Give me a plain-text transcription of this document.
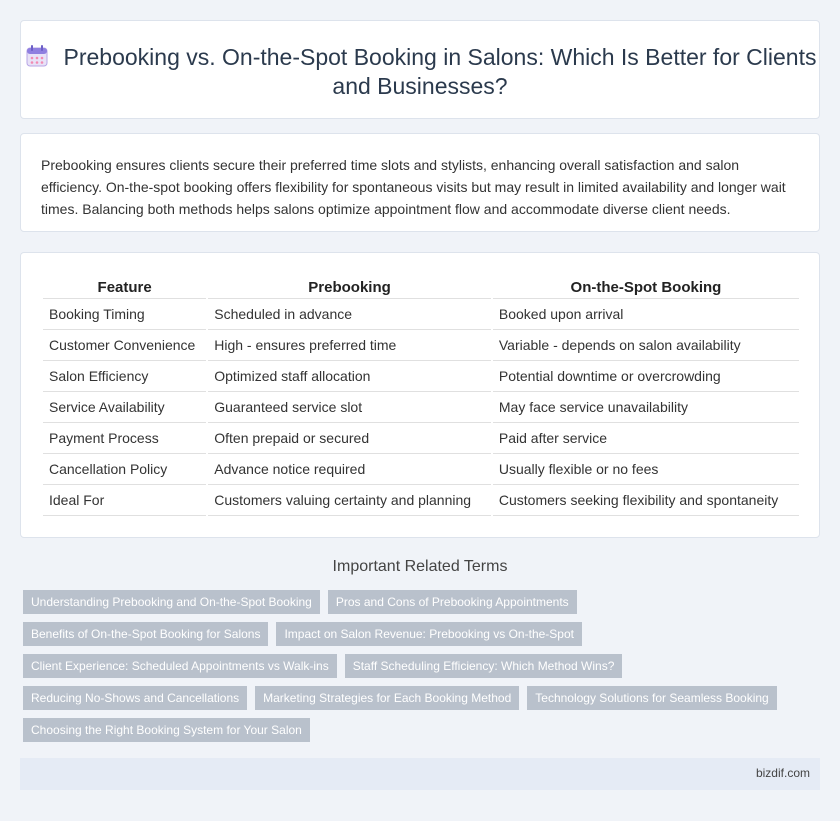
Prebooking vs. On-the-Spot Booking in Salons: Which Is Better for Clients and Businesses?

Prebooking ensures clients secure their preferred time slots and stylists, enhancing overall satisfaction and salon efficiency. On-the-spot booking offers flexibility for spontaneous visits but may result in limited availability and longer wait times. Balancing both methods helps salons optimize appointment flow and accommodate diverse client needs.

Feature	Prebooking	On-the-Spot Booking
Booking Timing	Scheduled in advance	Booked upon arrival
Customer Convenience	High - ensures preferred time	Variable - depends on salon availability
Salon Efficiency	Optimized staff allocation	Potential downtime or overcrowding
Service Availability	Guaranteed service slot	May face service unavailability
Payment Process	Often prepaid or secured	Paid after service
Cancellation Policy	Advance notice required	Usually flexible or no fees
Ideal For	Customers valuing certainty and planning	Customers seeking flexibility and spontaneity
Important Related Terms
Understanding Prebooking and On-the-Spot Booking	Pros and Cons of Prebooking Appointments
Benefits of On-the-Spot Booking for Salons	Impact on Salon Revenue: Prebooking vs On-the-Spot
Client Experience: Scheduled Appointments vs Walk-ins	Staff Scheduling Efficiency: Which Method Wins?
Reducing No-Shows and Cancellations	Marketing Strategies for Each Booking Method	Technology Solutions for Seamless Booking
Choosing the Right Booking System for Your Salon
bizdif.com
